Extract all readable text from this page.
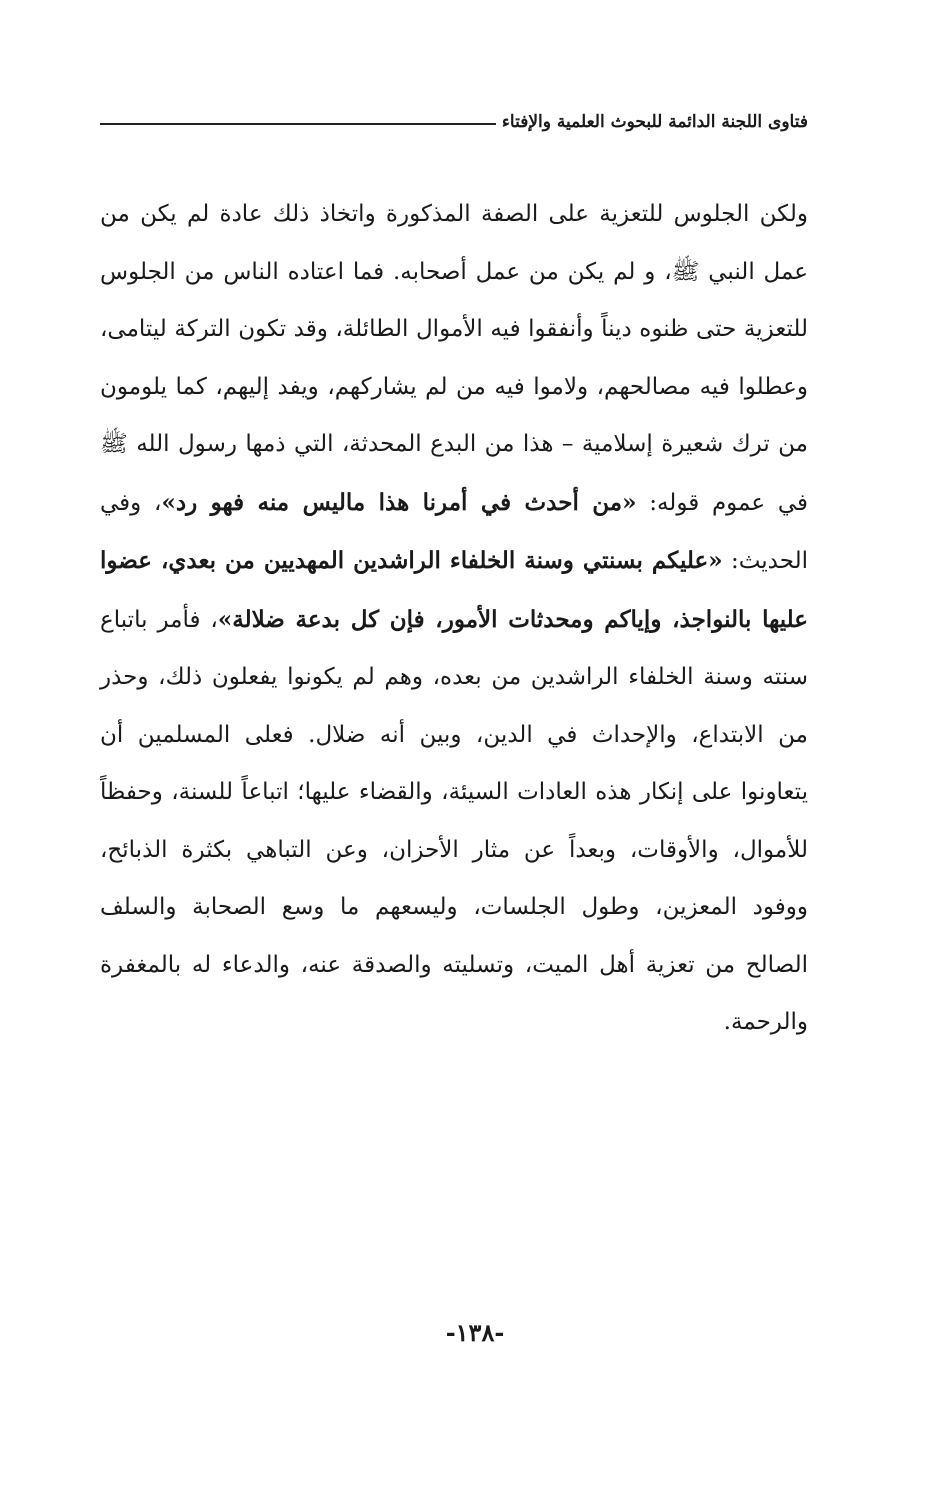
فتاوى اللجنة الدائمة للبحوث العلمية والإفتاء

ولكن الجلوس للتعزية على الصفة المذكورة واتخاذ ذلك عادة لم يكن من عمل النبي ﷺ، و لم يكن من عمل أصحابه. فما اعتاده الناس من الجلوس للتعزية حتى ظنوه ديناً وأنفقوا فيه الأموال الطائلة، وقد تكون التركة ليتامى، وعطلوا فيه مصالحهم، ولاموا فيه من لم يشاركهم، ويفد إليهم، كما يلومون من ترك شعيرة إسلامية – هذا من البدع المحدثة، التي ذمها رسول الله ﷺ في عموم قوله: «من أحدث في أمرنا هذا ماليس منه فهو رد»، وفي الحديث: «عليكم بسنتي وسنة الخلفاء الراشدين المهديين من بعدي، عضوا عليها بالنواجذ، وإياكم ومحدثات الأمور، فإن كل بدعة ضلالة»، فأمر باتباع سنته وسنة الخلفاء الراشدين من بعده، وهم لم يكونوا يفعلون ذلك، وحذر من الابتداع، والإحداث في الدين، وبين أنه ضلال. فعلى المسلمين أن يتعاونوا على إنكار هذه العادات السيئة، والقضاء عليها؛ اتباعاً للسنة، وحفظاً للأموال، والأوقات، وبعداً عن مثار الأحزان، وعن التباهي بكثرة الذبائح، ووفود المعزين، وطول الجلسات، وليسعهم ما وسع الصحابة والسلف الصالح من تعزية أهل الميت، وتسليته والصدقة عنه، والدعاء له بالمغفرة والرحمة.

-١٣٨-
